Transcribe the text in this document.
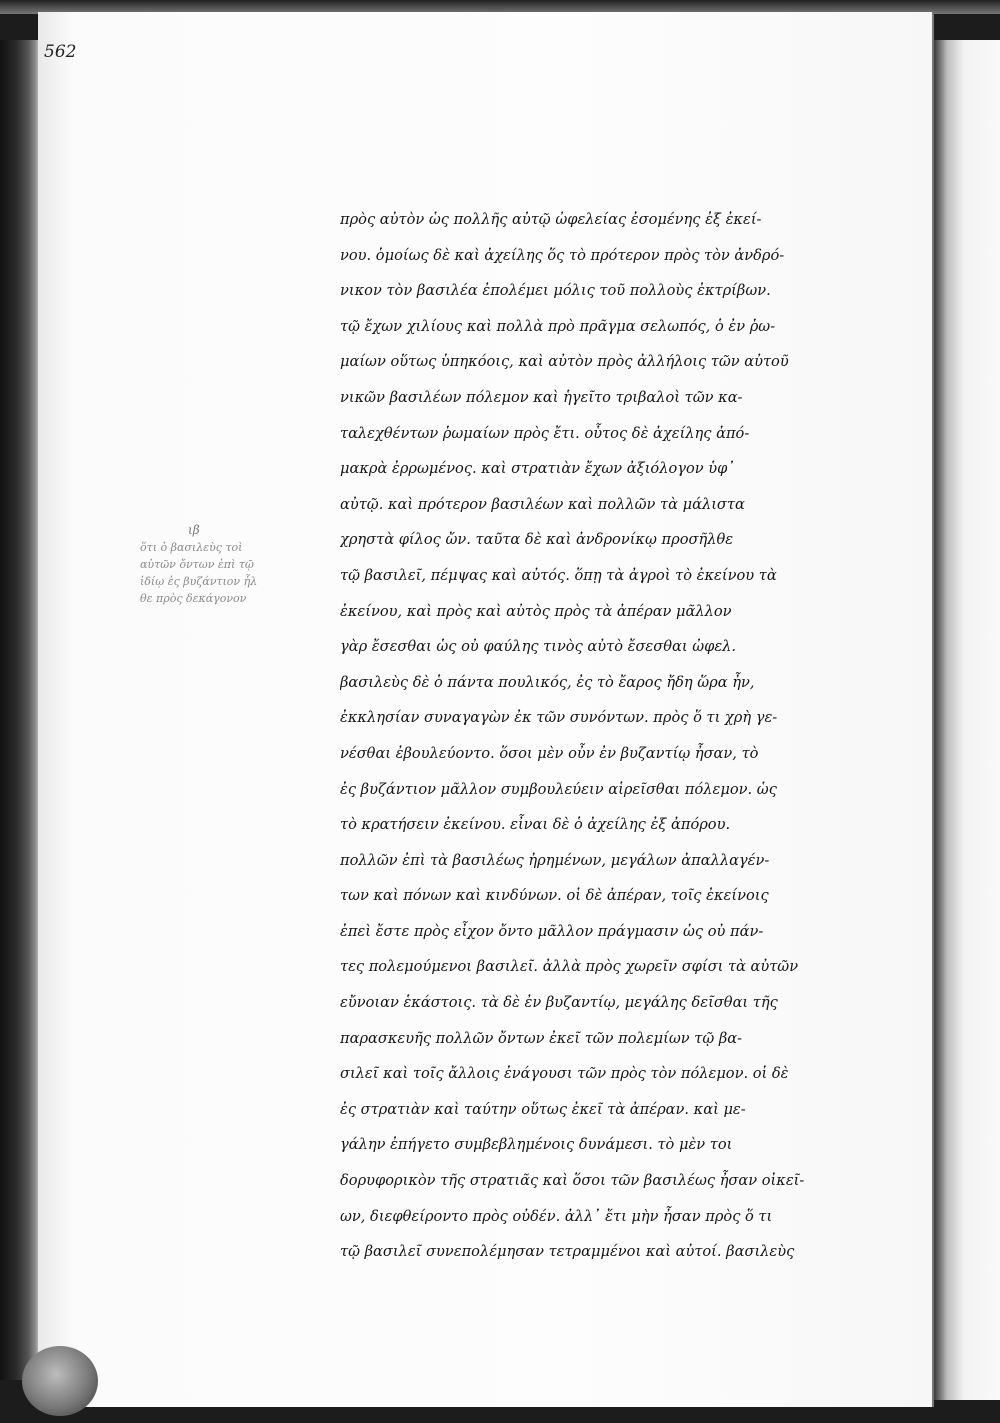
562
ιβ
ὅτι ὁ βασιλεὺς τοὶ
αὐτῶν ὄντων ἐπὶ τῷ
ἰδίῳ ἐς βυζάντιον ἦλ
θε πρὸς δεκάγονον
πρὸς αὐτὸν ὡς πολλῆς αὐτῷ ὠφελείας ἐσομένης ἐξ ἐκεί-
νου. ὁμοίως δὲ καὶ ἀχείλης ὅς τὸ πρότερον πρὸς τὸν ἀνδρό-
νικον τὸν βασιλέα ἐπολέμει μόλις τοῦ πολλοὺς ἐκτρίβων.
τῷ ἔχων χιλίους καὶ πολλὰ πρὸ πρᾶγμα σελωπός, ὁ ἐν ῥω-
μαίων οὕτως ὑπηκόοις, καὶ αὐτὸν πρὸς ἀλλήλοις τῶν αὐτοῦ
νικῶν βασιλέων πόλεμον καὶ ἡγεῖτο τριβαλοὶ τῶν κα-
ταλεχθέντων ῥωμαίων πρὸς ἔτι. οὗτος δὲ ἀχείλης ἀπό-
μακρὰ ἐρρωμένος. καὶ στρατιὰν ἔχων ἀξιόλογον ὑφ᾽
αὐτῷ. καὶ πρότερον βασιλέων καὶ πολλῶν τὰ μάλιστα
χρηστὰ φίλος ὤν. ταῦτα δὲ καὶ ἀνδρονίκῳ προσῆλθε
τῷ βασιλεῖ, πέμψας καὶ αὐτός. ὅπῃ τὰ ἀγροὶ τὸ ἐκείνου τὰ
ἐκείνου, καὶ πρὸς καὶ αὐτὸς πρὸς τὰ ἀπέραν μᾶλλον
γὰρ ἔσεσθαι ὡς οὐ φαύλης τινὸς αὐτὸ ἔσεσθαι ὠφελ.
βασιλεὺς δὲ ὁ πάντα πουλικός, ἐς τὸ ἔαρος ἤδη ὥρα ἦν,
ἐκκλησίαν συναγαγὼν ἐκ τῶν συνόντων. πρὸς ὅ τι χρὴ γε-
νέσθαι ἐβουλεύοντο. ὅσοι μὲν οὖν ἐν βυζαντίῳ ἦσαν, τὸ
ἐς βυζάντιον μᾶλλον συμβουλεύειν αἱρεῖσθαι πόλεμον. ὡς
τὸ κρατήσειν ἐκείνου. εἶναι δὲ ὁ ἀχείλης ἐξ ἀπόρου.
πολλῶν ἐπὶ τὰ βασιλέως ἠρημένων, μεγάλων ἀπαλλαγέν-
των καὶ πόνων καὶ κινδύνων. οἱ δὲ ἀπέραν, τοῖς ἐκείνοις
ἐπεὶ ἔστε πρὸς εἶχον ὄντο μᾶλλον πράγμασιν ὡς οὐ πάν-
τες πολεμούμενοι βασιλεῖ. ἀλλὰ πρὸς χωρεῖν σφίσι τὰ αὐτῶν
εὔνοιαν ἑκάστοις. τὰ δὲ ἐν βυζαντίῳ, μεγάλης δεῖσθαι τῆς
παρασκευῆς πολλῶν ὄντων ἐκεῖ τῶν πολεμίων τῷ βα-
σιλεῖ καὶ τοῖς ἄλλοις ἐνάγουσι τῶν πρὸς τὸν πόλεμον. οἱ δὲ
ἐς στρατιὰν καὶ ταύτην οὕτως ἐκεῖ τὰ ἀπέραν. καὶ με-
γάλην ἐπήγετο συμβεβλημένοις δυνάμεσι. τὸ μὲν τοι
δορυφορικὸν τῆς στρατιᾶς καὶ ὅσοι τῶν βασιλέως ἦσαν οἰκεῖ-
ων, διεφθείροντο πρὸς οὐδέν. ἀλλ᾽ ἔτι μὴν ἦσαν πρὸς ὅ τι
τῷ βασιλεῖ συνεπολέμησαν τετραμμένοι καὶ αὐτοί. βασιλεὺς
